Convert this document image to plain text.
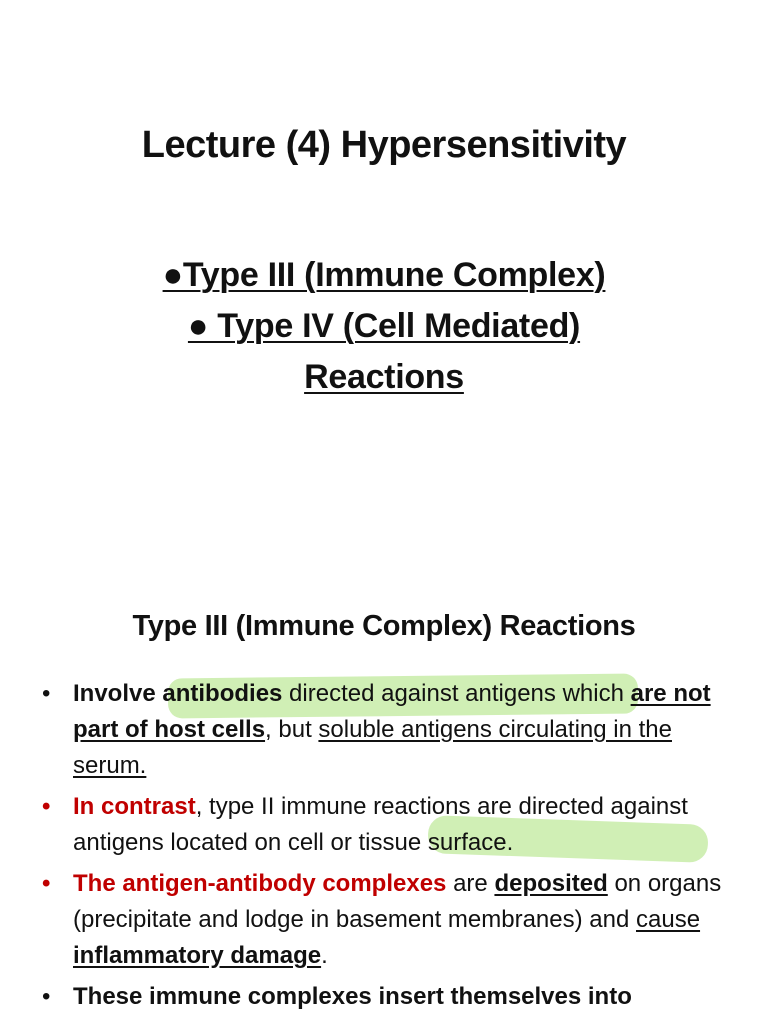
Lecture (4) Hypersensitivity
●Type III (Immune Complex)
● Type IV (Cell Mediated)
Reactions
Type III (Immune Complex) Reactions
• Involve antibodies directed against antigens which are not part of host cells, but soluble antigens circulating in the serum.
• In contrast, type II immune reactions are directed against antigens located on cell or tissue surface.
• The antigen-antibody complexes are deposited on organs (precipitate and lodge in basement membranes) and cause inflammatory damage.
• These immune complexes insert themselves into
